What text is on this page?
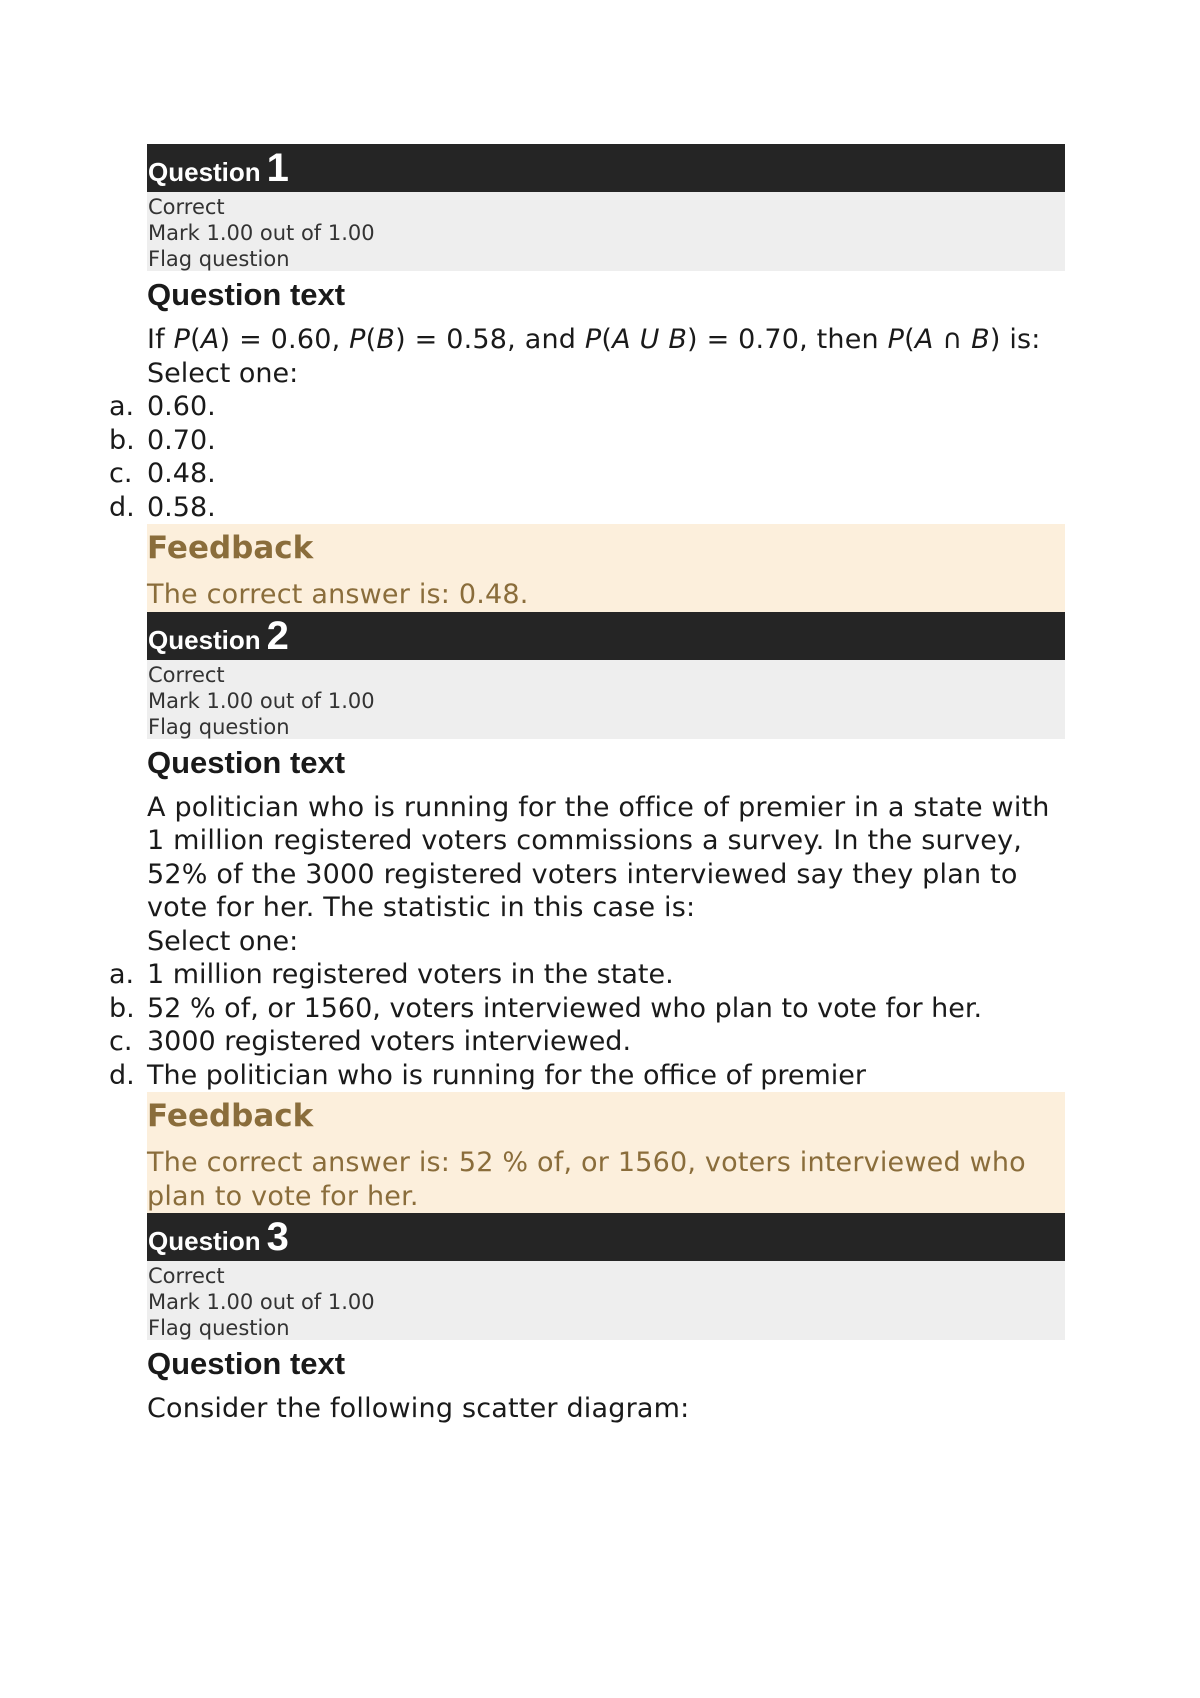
Question 1
Correct
Mark 1.00 out of 1.00
Flag question
Question text
If P(A) = 0.60, P(B) = 0.58, and P(A U B) = 0.70, then P(A ∩ B) is:
Select one:
a. 0.60.
b. 0.70.
c. 0.48.
d. 0.58.
Feedback
The correct answer is: 0.48.
Question 2
Correct
Mark 1.00 out of 1.00
Flag question
Question text
A politician who is running for the office of premier in a state with 1 million registered voters commissions a survey. In the survey, 52% of the 3000 registered voters interviewed say they plan to vote for her. The statistic in this case is:
Select one:
a. 1 million registered voters in the state.
b. 52 % of, or 1560, voters interviewed who plan to vote for her.
c. 3000 registered voters interviewed.
d. The politician who is running for the office of premier
Feedback
The correct answer is: 52 % of, or 1560, voters interviewed who plan to vote for her.
Question 3
Correct
Mark 1.00 out of 1.00
Flag question
Question text
Consider the following scatter diagram:
